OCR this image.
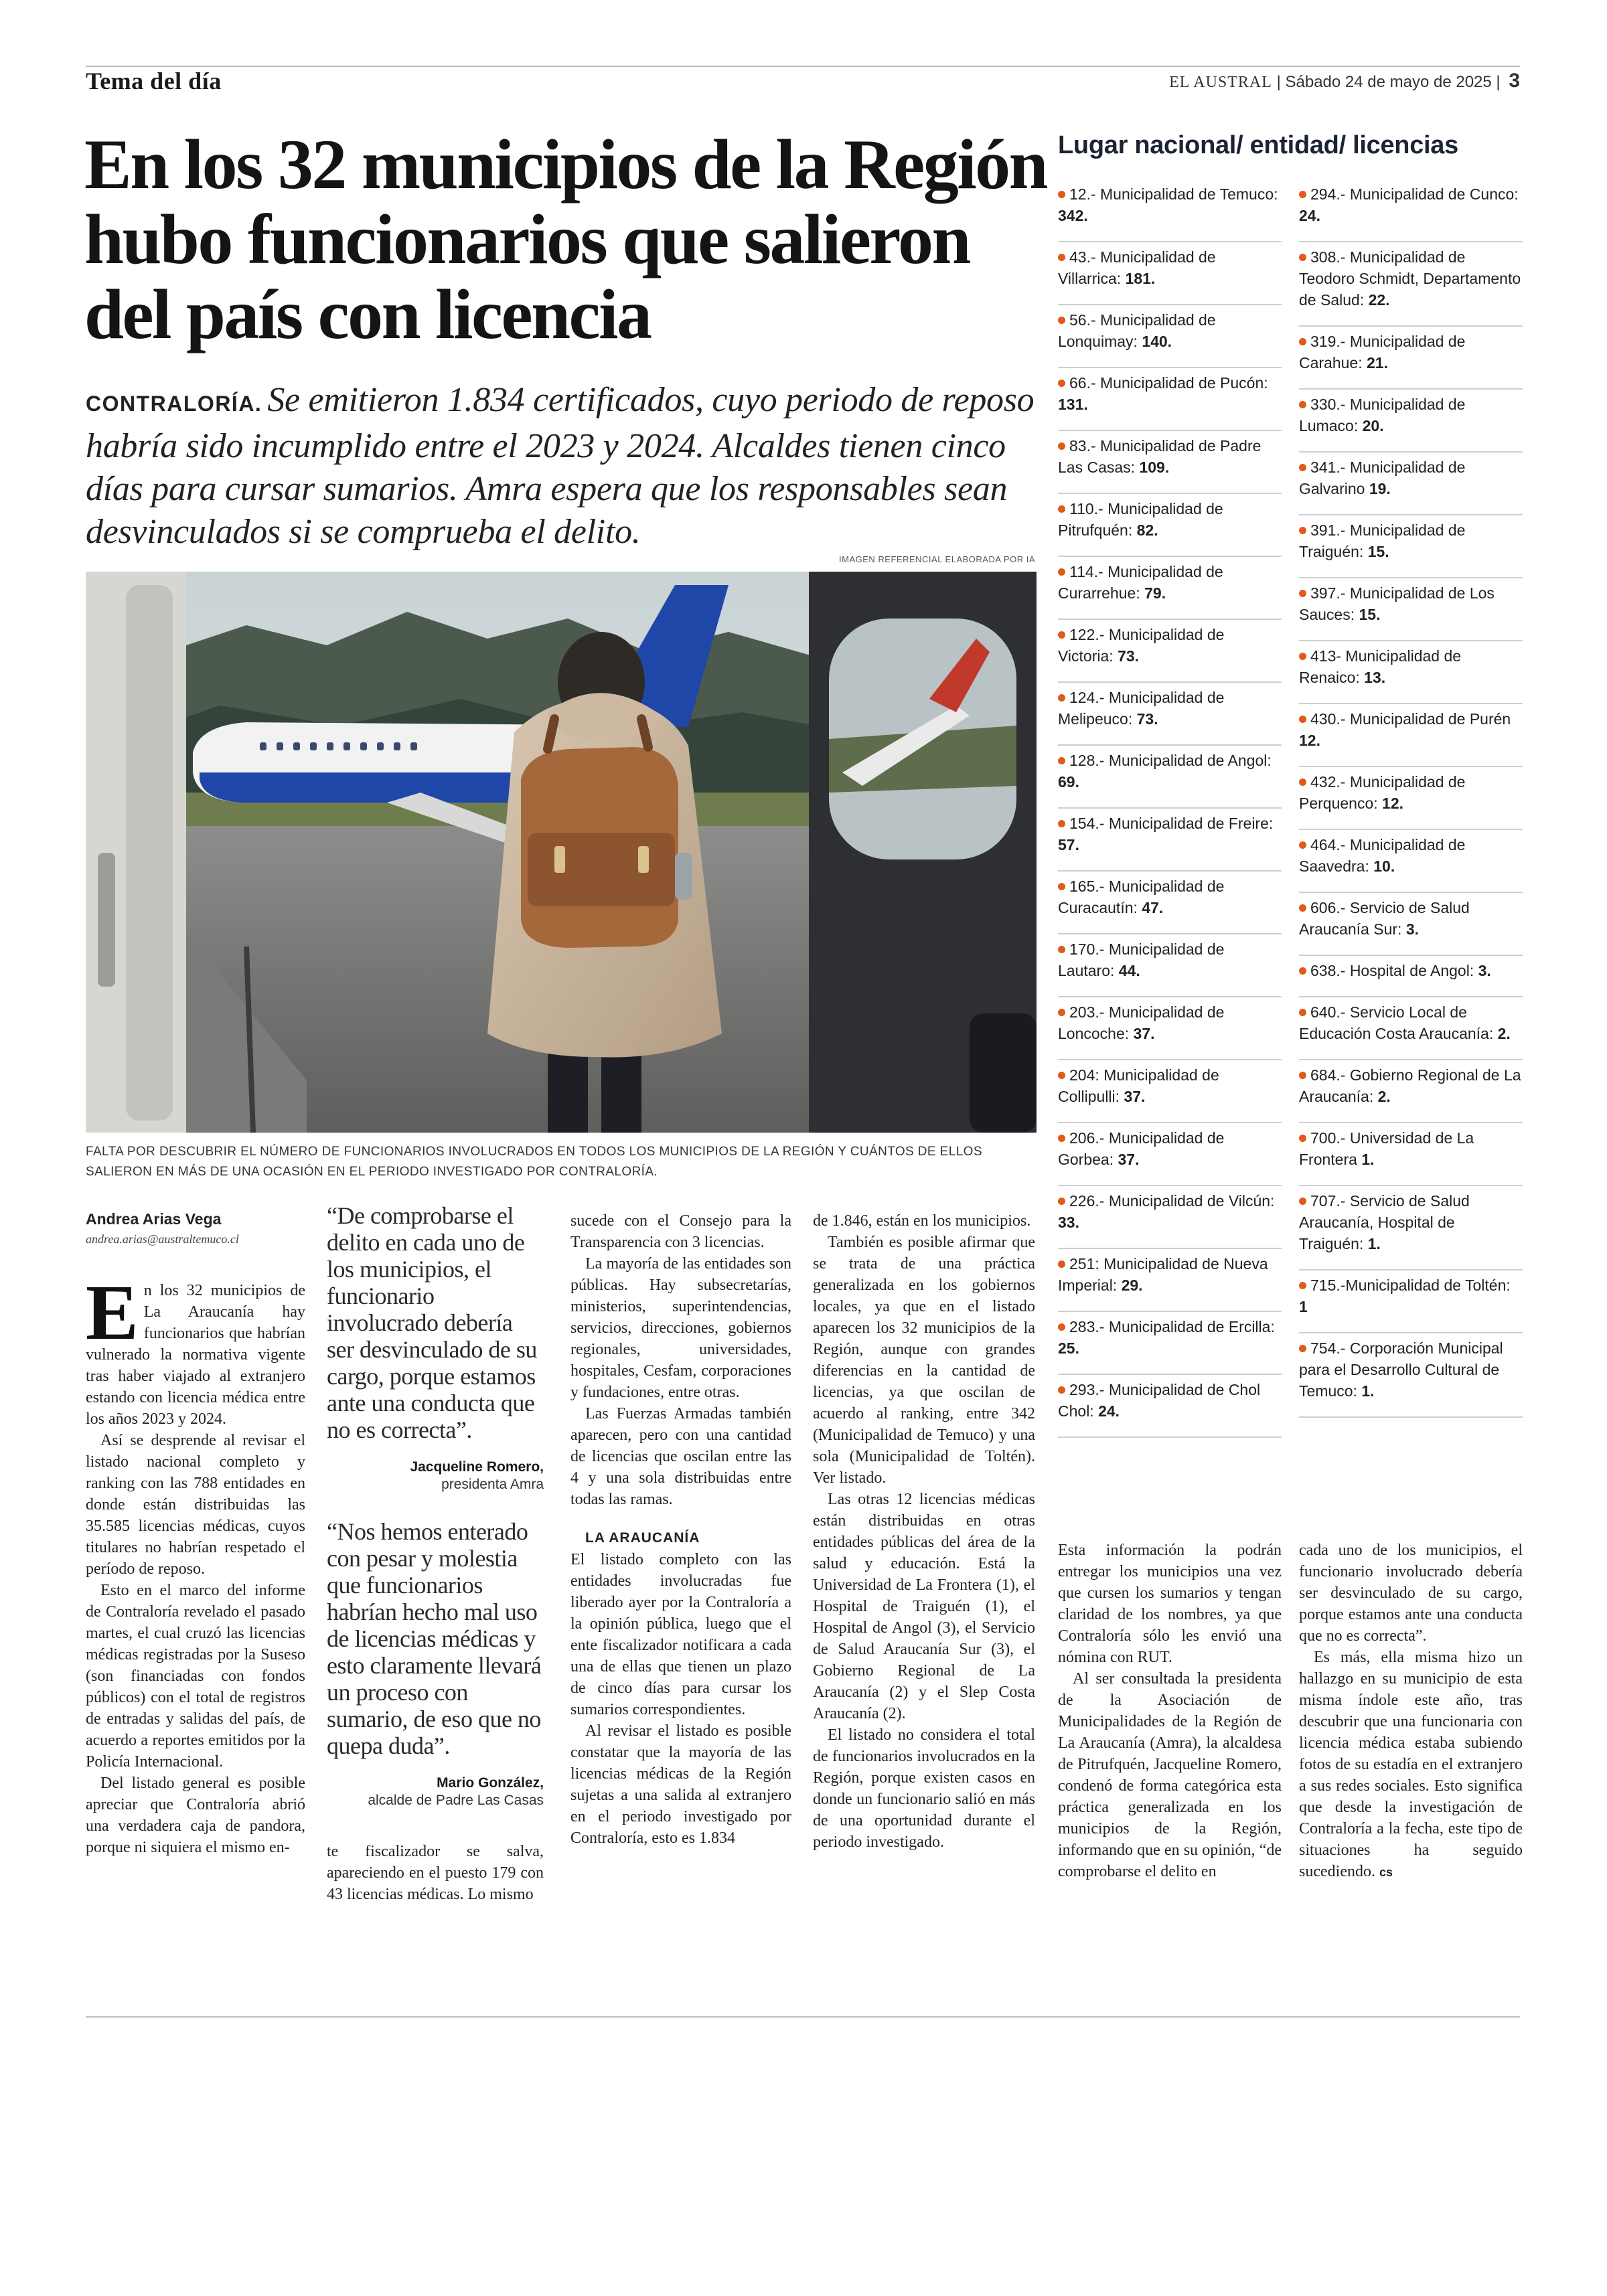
Tema del día	EL AUSTRAL | Sábado 24 de mayo de 2025 | 3
En los 32 municipios de la Región hubo funcionarios que salieron del país con licencia
CONTRALORÍA. Se emitieron 1.834 certificados, cuyo periodo de reposo habría sido incumplido entre el 2023 y 2024. Alcaldes tienen cinco días para cursar sumarios. Amra espera que los responsables sean desvinculados si se comprueba el delito.
IMAGEN REFERENCIAL ELABORADA POR IA
FALTA POR DESCUBRIR EL NÚMERO DE FUNCIONARIOS INVOLUCRADOS EN TODOS LOS MUNICIPIOS DE LA REGIÓN Y CUÁNTOS DE ELLOS SALIERON EN MÁS DE UNA OCASIÓN EN EL PERIODO INVESTIGADO POR CONTRALORÍA.
Andrea Arias Vega
andrea.arias@australtemuco.cl

En los 32 municipios de La Araucanía hay funcionarios que habrían vulnerado la normativa vigente tras haber viajado al extranjero estando con licencia médica entre los años 2023 y 2024.

Así se desprende al revisar el listado nacional completo y ranking con las 788 entidades en donde están distribuidas las 35.585 licencias médicas, cuyos titulares no habrían respetado el período de reposo.

Esto en el marco del informe de Contraloría revelado el pasado martes, el cual cruzó las licencias médicas registradas por la Suseso (son financiadas con fondos públicos) con el total de registros de entradas y salidas del país, de acuerdo a reportes emitidos por la Policía Internacional.

Del listado general es posible apreciar que Contraloría abrió una verdadera caja de pandora, porque ni siquiera el mismo en-

“De comprobarse el delito en cada uno de los municipios, el funcionario involucrado debería ser desvinculado de su cargo, porque estamos ante una conducta que no es correcta”.
Jacqueline Romero,
presidenta Amra
“Nos hemos enterado con pesar y molestia que funcionarios habrían hecho mal uso de licencias médicas y esto claramente llevará un proceso con sumario, de eso que no quepa duda”.
Mario González,
alcalde de Padre Las Casas

te fiscalizador se salva, apareciendo en el puesto 179 con 43 licencias médicas. Lo mismo

sucede con el Consejo para la Transparencia con 3 licencias.

La mayoría de las entidades son públicas. Hay subsecretarías, ministerios, superintendencias, servicios, direcciones, gobiernos regionales, universidades, hospitales, Cesfam, corporaciones y fundaciones, entre otras.

Las Fuerzas Armadas también aparecen, pero con una cantidad de licencias que oscilan entre las 4 y una sola distribuidas entre todas las ramas.

LA ARAUCANÍA

El listado completo con las entidades involucradas fue liberado ayer por la Contraloría a la opinión pública, luego que el ente fiscalizador notificara a cada una de ellas que tienen un plazo de cinco días para cursar los sumarios correspondientes.

Al revisar el listado es posible constatar que la mayoría de las licencias médicas de la Región sujetas a una salida al extranjero en el periodo investigado por Contraloría, esto es 1.834

de 1.846, están en los municipios.

También es posible afirmar que se trata de una práctica generalizada en los gobiernos locales, ya que en el listado aparecen los 32 municipios de la Región, aunque con grandes diferencias en la cantidad de licencias, ya que oscilan de acuerdo al ranking, entre 342 (Municipalidad de Temuco) y una sola (Municipalidad de Toltén). Ver listado.

Las otras 12 licencias médicas están distribuidas en otras entidades públicas del área de la salud y educación. Está la Universidad de La Frontera (1), el Hospital de Traiguén (1), el Hospital de Angol (3), el Servicio de Salud Araucanía Sur (3), el Gobierno Regional de La Araucanía (2) y el Slep Costa Araucanía (2).

El listado no considera el total de funcionarios involucrados en la Región, porque existen casos en donde un funcionario salió en más de una oportunidad durante el periodo investigado.

Lugar nacional/ entidad/ licencias
12.- Municipalidad de Temuco: 342.
43.- Municipalidad de Villarrica: 181.
56.- Municipalidad de Lonquimay: 140.
66.- Municipalidad de Pucón: 131.
83.- Municipalidad de Padre Las Casas: 109.
110.- Municipalidad de Pitrufquén: 82.
114.- Municipalidad de Curarrehue: 79.
122.- Municipalidad de Victoria: 73.
124.- Municipalidad de Melipeuco: 73.
128.- Municipalidad de Angol: 69.
154.- Municipalidad de Freire: 57.
165.- Municipalidad de Curacautín: 47.
170.- Municipalidad de Lautaro: 44.
203.- Municipalidad de Loncoche: 37.
204: Municipalidad de Collipulli: 37.
206.- Municipalidad de Gorbea: 37.
226.- Municipalidad de Vilcún: 33.
251: Municipalidad de Nueva Imperial: 29.
283.- Municipalidad de Ercilla: 25.
293.- Municipalidad de Chol Chol: 24.
294.- Municipalidad de Cunco: 24.
308.- Municipalidad de Teodoro Schmidt, Departamento de Salud: 22.
319.- Municipalidad de Carahue: 21.
330.- Municipalidad de Lumaco: 20.
341.- Municipalidad de Galvarino 19.
391.- Municipalidad de Traiguén: 15.
397.- Municipalidad de Los Sauces: 15.
413- Municipalidad de Renaico: 13.
430.- Municipalidad de Purén 12.
432.- Municipalidad de Perquenco: 12.
464.- Municipalidad de Saavedra: 10.
606.- Servicio de Salud Araucanía Sur: 3.
638.- Hospital de Angol: 3.
640.- Servicio Local de Educación Costa Araucanía: 2.
684.- Gobierno Regional de La Araucanía: 2.
700.- Universidad de La Frontera 1.
707.- Servicio de Salud Araucanía, Hospital de Traiguén: 1.
715.-Municipalidad de Toltén: 1
754.- Corporación Municipal para el Desarrollo Cultural de Temuco: 1.

Esta información la podrán entregar los municipios una vez que cursen los sumarios y tengan claridad de los nombres, ya que Contraloría sólo les envió una nómina con RUT.

Al ser consultada la presidenta de la Asociación de Municipalidades de la Región de La Araucanía (Amra), la alcaldesa de Pitrufquén, Jacqueline Romero, condenó de forma categórica esta práctica generalizada en los municipios de la Región, informando que en su opinión, “de comprobarse el delito en

cada uno de los municipios, el funcionario involucrado debería ser desvinculado de su cargo, porque estamos ante una conducta que no es correcta”.

Es más, ella misma hizo un hallazgo en su municipio de esta misma índole este año, tras descubrir que una funcionaria con licencia médica estaba subiendo fotos de su estadía en el extranjero a sus redes sociales. Esto significa que desde la investigación de Contraloría a la fecha, este tipo de situaciones ha seguido sucediendo. cs
